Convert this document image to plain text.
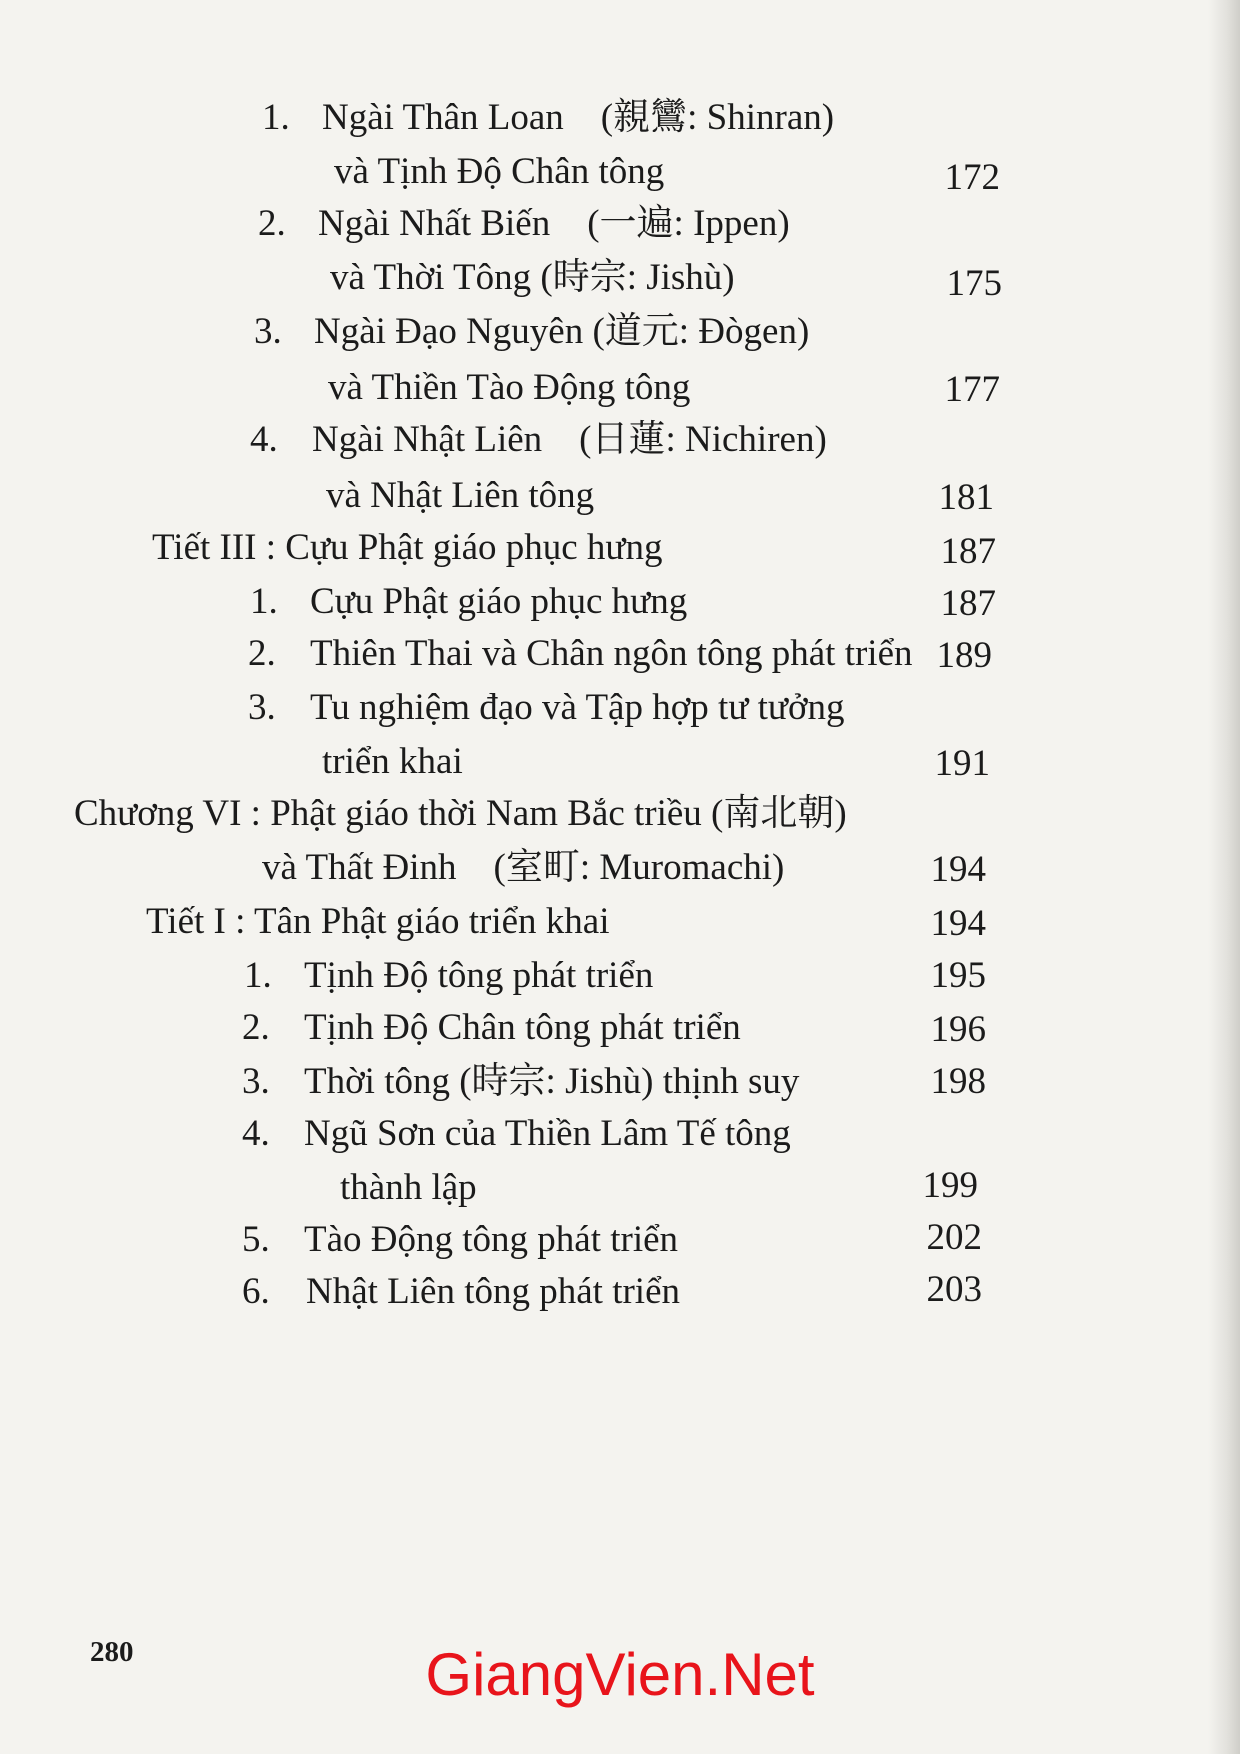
1. Ngài Thân Loan　(親鸞: Shinran)
và Tịnh Độ Chân tông	172
2. Ngài Nhất Biến　(一遍: Ippen)
và Thời Tông (時宗: Jishù)	175
3. Ngài Đạo Nguyên (道元: Đògen)
và Thiền Tào Động tông	177
4. Ngài Nhật Liên　(日蓮: Nichiren)
và Nhật Liên tông	181
Tiết III : Cựu Phật giáo phục hưng	187
1. Cựu Phật giáo phục hưng	187
2. Thiên Thai và Chân ngôn tông phát triển 189
3. Tu nghiệm đạo và Tập hợp tư tưởng
triển khai	191
Chương VI : Phật giáo thời Nam Bắc triều (南北朝)
và Thất Đinh　(室町: Muromachi)	194
Tiết I : Tân Phật giáo triển khai	194
1. Tịnh Độ tông phát triển	195
2. Tịnh Độ Chân tông phát triển	196
3. Thời tông (時宗: Jishù) thịnh suy	198
4. Ngũ Sơn của Thiền Lâm Tế tông
thành lập	199
5. Tào Động tông phát triển	202
6. Nhật Liên tông phát triển	203
280	GiangVien.Net
